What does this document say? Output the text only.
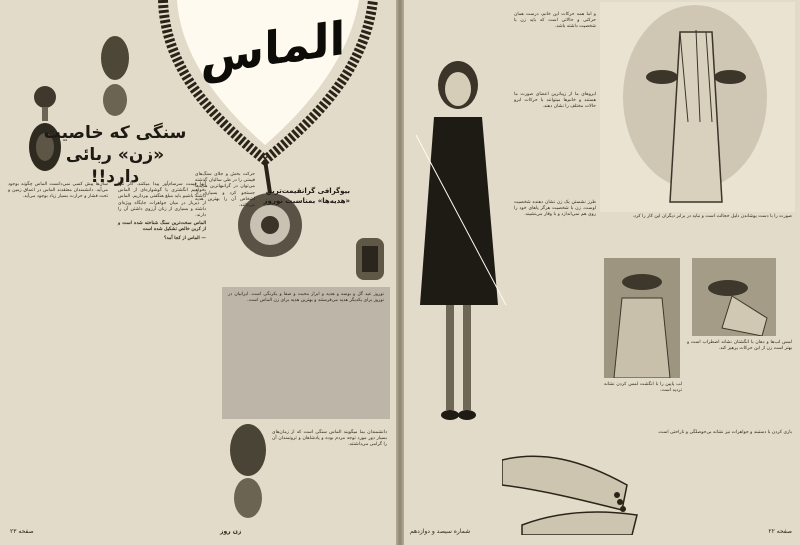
الماس
سنگی که خاصیت «زن» ربائی دارد!!
بیوگرافی گرانقیمت‌ترین «هدیه‌ها» بمناسبت نوروز

حرکت بخش و جلای سنگ‌های قیمتی را در طی سالیان گذشته می‌توان در گرانبهاترین هدیه‌ها جستجو کرد و بسیاری از اشخاص آن را بهترین هدیه می‌دانند.

آنها قیمت سرسام‌آور پیدا میکنند. اگر تنها بخواهیم انگشتری یا گوشواره‌ای از الماس داشته باشیم باید مبلغ هنگفتی بپردازیم. الماس از دیرباز در میان جواهرات جایگاه ویژه‌ای داشته و بسیاری از زنان آرزوی داشتن آن را دارند.

الماس سخت‌ترین سنگ شناخته شده است و از کربن خالص تشکیل شده است

— الماس از کجا آمد؟

سال‌ها پیش کسی نمی‌دانست الماس چگونه بوجود می‌آید. دانشمندان معتقدند الماس در اعماق زمین و تحت فشار و حرارت بسیار زیاد بوجود می‌آید.

نوروز عید گل و بوسه و هدیه و ابراز محبت و صفا و یکرنگی است. ایرانیان در نوروز برای یکدیگر هدیه می‌فرستند و بهترین هدیه برای زن الماس است.
دانشمندان بما میگویند الماس سنگی است که از زمان‌های بسیار دور مورد توجه مردم بوده و پادشاهان و ثروتمندان آن را گرامی می‌داشتند.
صفحه ۲۳	زن روز
و اما همه حرکات این خانم، درست همان حرکتی و حالاتی است که باید زن با شخصیت داشته باشد.
ابروهای ما از زیباترین اعضای صورت ما هستند و خانم‌ها میتوانند با حرکات ابرو حالات مختلف را نشان دهند.
طرز نشستن یک زن نشان دهنده شخصیت اوست. زن با شخصیت هرگز پاهای خود را روی هم نمی‌اندازد و با وقار می‌نشیند.	صورت را با دست پوشاندن دلیل خجالت است و نباید در برابر دیگران این کار را کرد.
لمس لب‌ها و دهان با انگشتان نشانه اضطراب است و بهتر است زن از این حرکات پرهیز کند.
لب پایین را با انگشت لمس کردن نشانه تردید است.
بازی کردن با دستبند و جواهرات نیز نشانه بی‌حوصلگی و ناراحتی است.
شماره سیصد و دوازدهم	صفحه ۲۲
